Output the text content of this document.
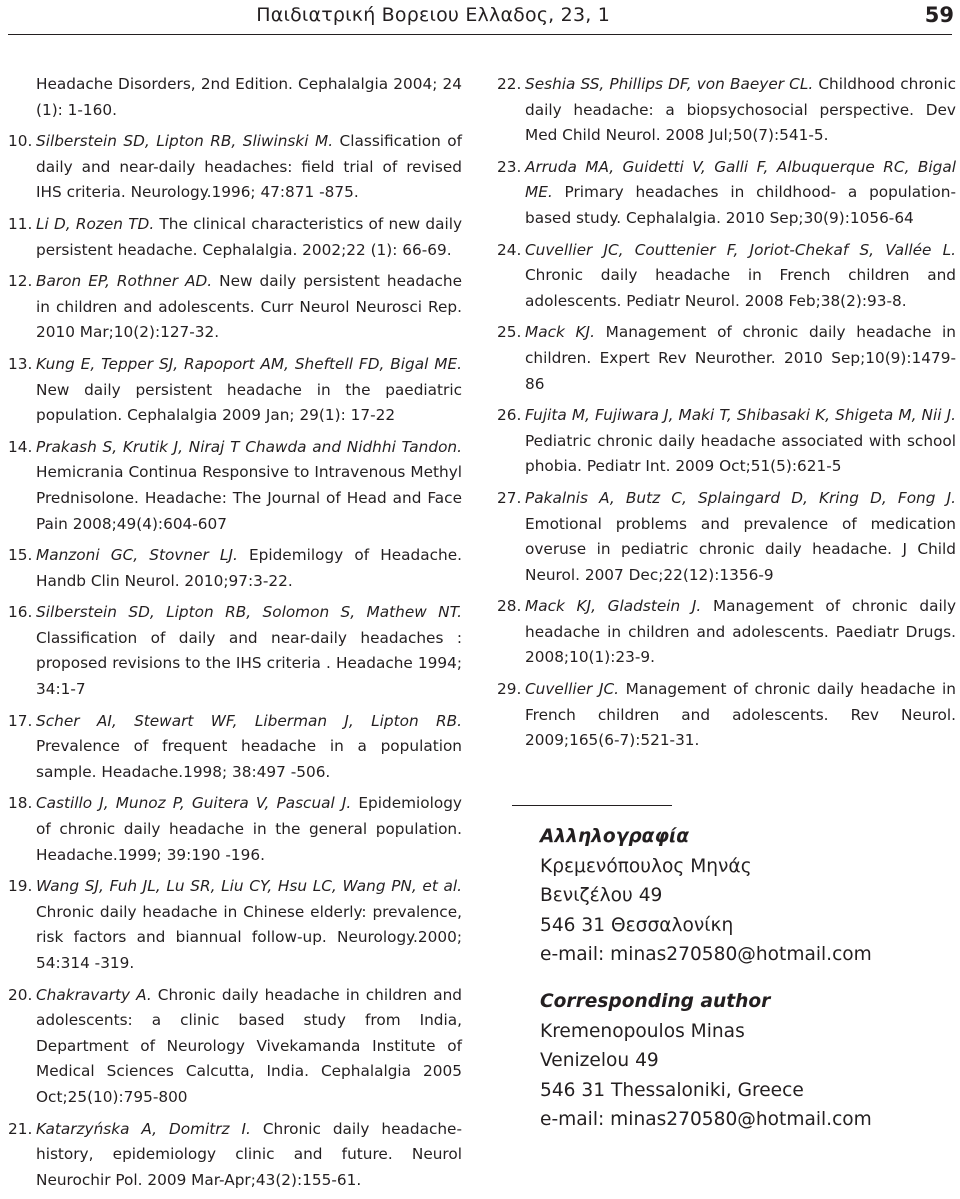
Παιδιατρική Βορειου Ελλαδος, 23, 1	59

Headache Disorders, 2nd Edition. Cephalalgia 2004; 24 (1): 1-160.

10. Silberstein SD, Lipton RB, Sliwinski M. Classification of daily and near-daily headaches: field trial of revised IHS criteria. Neurology.1996; 47:871 -875.

11. Li D, Rozen TD. The clinical characteristics of new daily persistent headache. Cephalalgia. 2002;22 (1): 66-69.

12. Baron EP, Rothner AD. New daily persistent headache in children and adolescents. Curr Neurol Neurosci Rep. 2010 Mar;10(2):127-32.

13. Kung E, Tepper SJ, Rapoport AM, Sheftell FD, Bigal ME. New daily persistent headache in the paediatric population. Cephalalgia 2009 Jan; 29(1): 17-22

14. Prakash S, Krutik J, Niraj T Chawda and Nidhhi Tandon. Hemicrania Continua Responsive to Intravenous Methyl Prednisolone. Headache: The Journal of Head and Face Pain 2008;49(4):604-607

15. Manzoni GC, Stovner LJ. Epidemilogy of Headache. Handb Clin Neurol. 2010;97:3-22.

16. Silberstein SD, Lipton RB, Solomon S, Mathew NT. Classification of daily and near-daily headaches : proposed revisions to the IHS criteria . Headache 1994; 34:1-7

17. Scher AI, Stewart WF, Liberman J, Lipton RB. Prevalence of frequent headache in a population sample. Headache.1998; 38:497 -506.

18. Castillo J, Munoz P, Guitera V, Pascual J. Epidemiology of chronic daily headache in the general population. Headache.1999; 39:190 -196.

19. Wang SJ, Fuh JL, Lu SR, Liu CY, Hsu LC, Wang PN, et al. Chronic daily headache in Chinese elderly: prevalence, risk factors and biannual follow-up. Neurology.2000; 54:314 -319.

20. Chakravarty A. Chronic daily headache in children and adolescents: a clinic based study from India, Department of Neurology Vivekamanda Institute of Medical Sciences Calcutta, India. Cephalalgia 2005 Oct;25(10):795-800

21. Katarzyńska A, Domitrz I. Chronic daily headache- history, epidemiology clinic and future. Neurol Neurochir Pol. 2009 Mar-Apr;43(2):155-61.

22. Seshia SS, Phillips DF, von Baeyer CL. Childhood chronic daily headache: a biopsychosocial perspective. Dev Med Child Neurol. 2008 Jul;50(7):541-5.

23. Arruda MA, Guidetti V, Galli F, Albuquerque RC, Bigal ME. Primary headaches in childhood- a population-based study. Cephalalgia. 2010 Sep;30(9):1056-64

24. Cuvellier JC, Couttenier F, Joriot-Chekaf S, Vallée L. Chronic daily headache in French children and adolescents. Pediatr Neurol. 2008 Feb;38(2):93-8.

25. Mack KJ. Management of chronic daily headache in children. Expert Rev Neurother. 2010 Sep;10(9):1479-86

26. Fujita M, Fujiwara J, Maki T, Shibasaki K, Shigeta M, Nii J. Pediatric chronic daily headache associated with school phobia. Pediatr Int. 2009 Oct;51(5):621-5

27. Pakalnis A, Butz C, Splaingard D, Kring D, Fong J. Emotional problems and prevalence of medication overuse in pediatric chronic daily headache. J Child Neurol. 2007 Dec;22(12):1356-9

28. Mack KJ, Gladstein J. Management of chronic daily headache in children and adolescents. Paediatr Drugs. 2008;10(1):23-9.

29. Cuvellier JC. Management of chronic daily headache in French children and adolescents. Rev Neurol. 2009;165(6-7):521-31.

Αλληλογραφία
Κρεμενόπουλος Μηνάς
Βενιζέλου 49
546 31 Θεσσαλονίκη
e-mail: minas270580@hotmail.com
Corresponding author
Kremenopoulos Minas
Venizelou 49
546 31 Thessaloniki, Greece
e-mail: minas270580@hotmail.com
